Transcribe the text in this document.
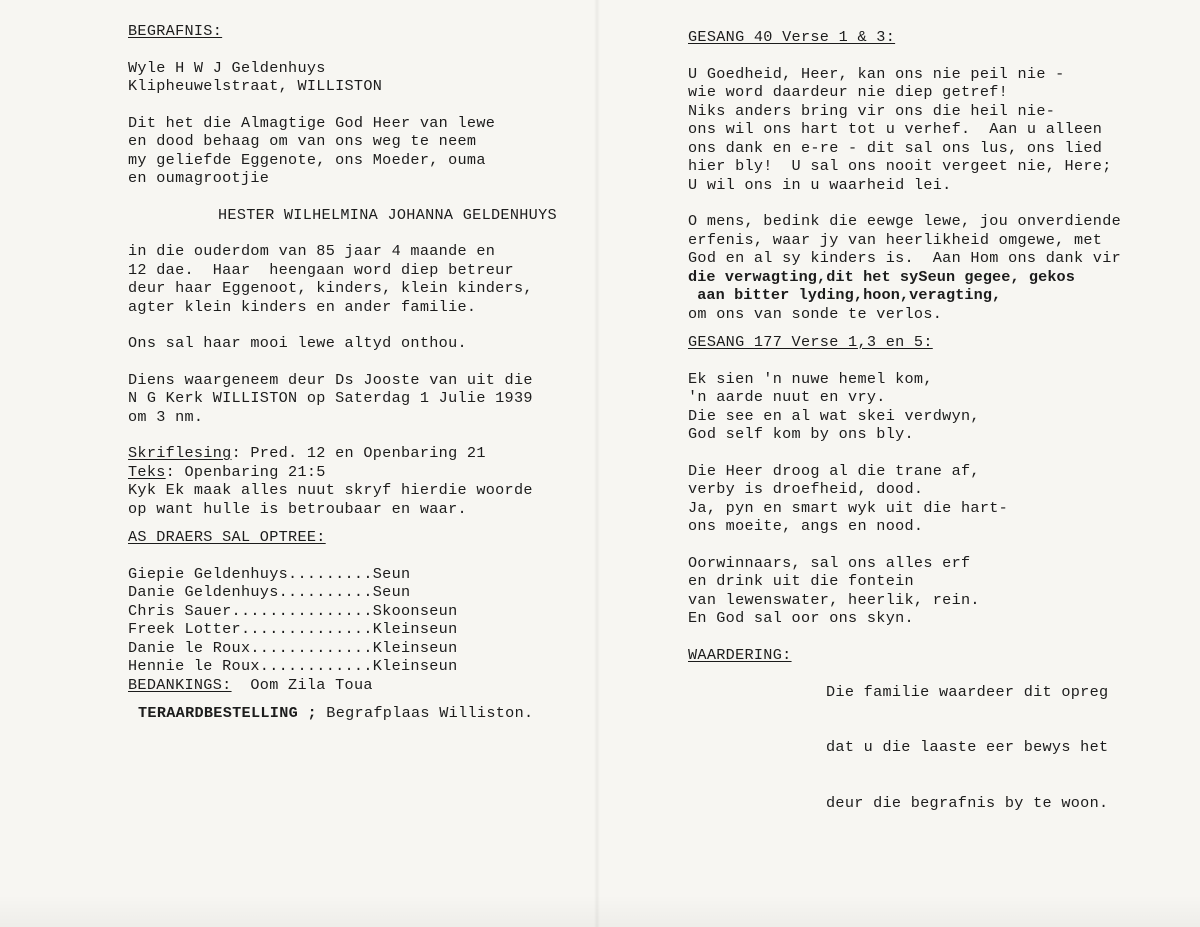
BEGRAFNIS:
Wyle H W J Geldenhuys
Klipheuwelstraat, WILLISTON
Dit het die Almagtige God Heer van lewe
en dood behaag om van ons weg te neem
my geliefde Eggenote, ons Moeder, ouma
en oumagrootjie
HESTER WILHELMINA JOHANNA GELDENHUYS
in die ouderdom van 85 jaar 4 maande en
12 dae.  Haar  heengaan word diep betreur
deur haar Eggenoot, kinders, klein kinders,
agter klein kinders en ander familie.
Ons sal haar mooi lewe altyd onthou.
Diens waargeneem deur Ds Jooste van uit die
N G Kerk WILLISTON op Saterdag 1 Julie 1939
om 3 nm.
Skriflesing: Pred. 12 en Openbaring 21
Teks: Openbaring 21:5
Kyk Ek maak alles nuut skryf hierdie woorde
op want hulle is betroubaar en waar.
AS DRAERS SAL OPTREE:
Giepie Geldenhuys......... Seun
Danie Geldenhuys.......... Seun
Chris Sauer............... Skoonseun
Freek Lotter.............. Kleinseun
Danie le Roux............. Kleinseun
Hennie le Roux............ Kleinseun
BEDANKINGS:  Oom Zila Toua
TERAARDBESTELLING ; Begrafplaas Williston.
GESANG 40 Verse 1 & 3:
U Goedheid, Heer, kan ons nie peil nie -
wie word daardeur nie diep getref!
Niks anders bring vir ons die heil nie-
ons wil ons hart tot u verhef.  Aan u alleen
ons dank en e-re - dit sal ons lus, ons lied
hier bly!  U sal ons nooit vergeet nie, Here;
U wil ons in u waarheid lei.
O mens, bedink die eewge lewe, jou onverdiende
erfenis, waar jy van heerlikheid omgewe, met
God en al sy kinders is.  Aan Hom ons dank vir
die verwagting,dit het sySeun gegee, gekos
aan bitter lyding,hoon,veragting,
om ons van sonde te verlos.
GESANG 177 Verse 1,3 en 5:
Ek sien 'n nuwe hemel kom,
'n aarde nuut en vry.
Die see en al wat skei verdwyn,
God self kom by ons bly.
Die Heer droog al die trane af,
verby is droefheid, dood.
Ja, pyn en smart wyk uit die hart-
ons moeite, angs en nood.
Oorwinnaars, sal ons alles erf
en drink uit die fontein
van lewenswater, heerlik, rein.
En God sal oor ons skyn.
WAARDERING:

Die familie waardeer dit opreg

dat u die laaste eer bewys het

deur die begrafnis by te woon.
